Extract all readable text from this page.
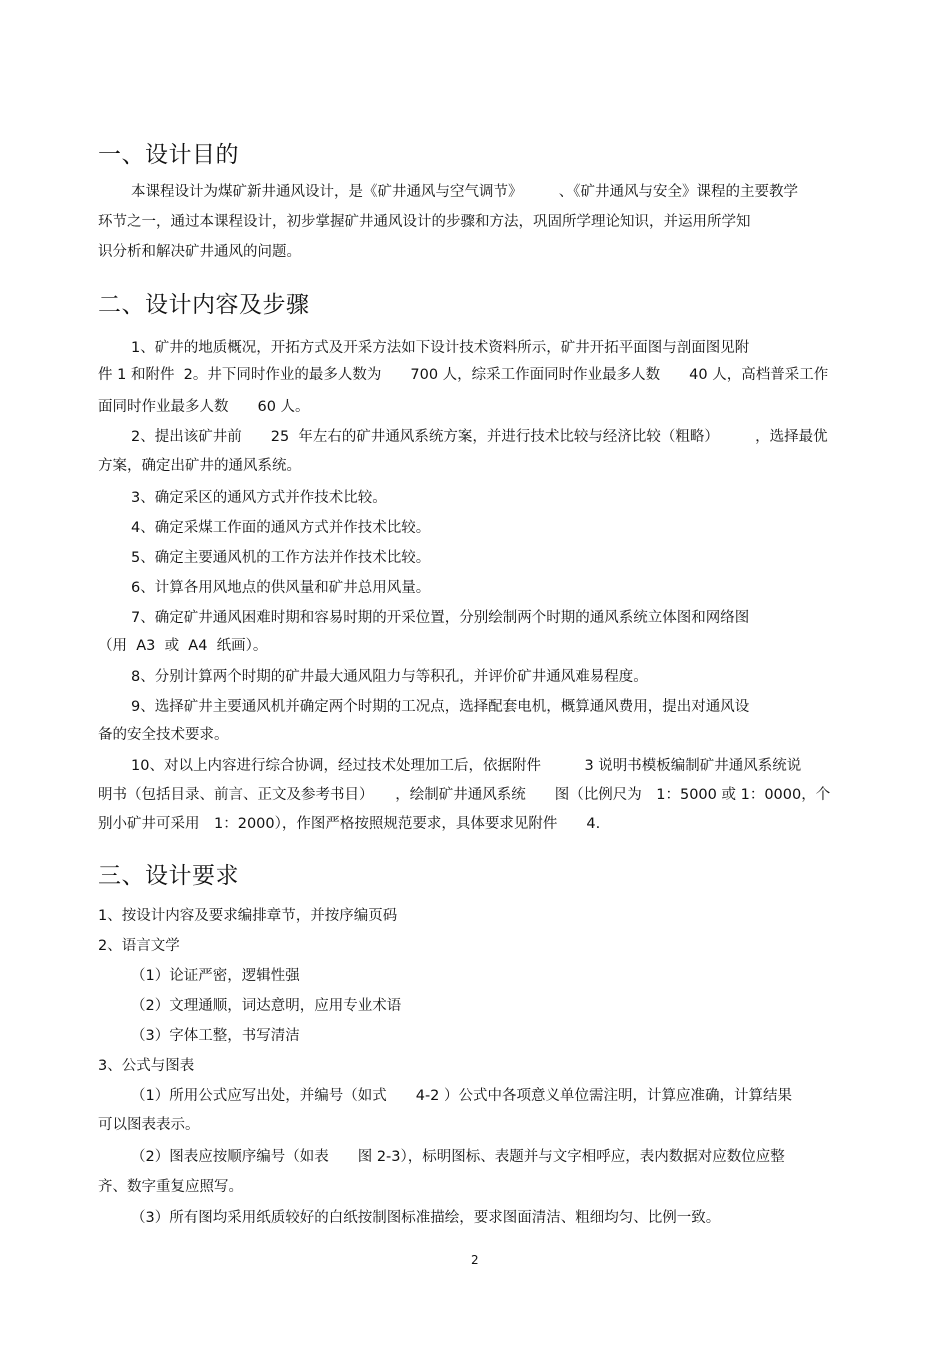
一、设计目的
本课程设计为煤矿新井通风设计，是《矿井通风与空气调节》　　　、《矿井通风与安全》课程的主要教学
环节之一，通过本课程设计，初步掌握矿井通风设计的步骤和方法，巩固所学理论知识，并运用所学知
识分析和解决矿井通风的问题。
二、设计内容及步骤
1、矿井的地质概况，开拓方式及开采方法如下设计技术资料所示，矿井开拓平面图与剖面图见附
件 1 和附件  2。井下同时作业的最多人数为　　700 人，综采工作面同时作业最多人数　　40 人，高档普采工作
面同时作业最多人数　　60 人。
2、提出该矿井前　　25  年左右的矿井通风系统方案，并进行技术比较与经济比较（粗略）　　　，选择最优
方案，确定出矿井的通风系统。
3、确定采区的通风方式并作技术比较。
4、确定采煤工作面的通风方式并作技术比较。
5、确定主要通风机的工作方法并作技术比较。
6、计算各用风地点的供风量和矿井总用风量。
7、确定矿井通风困难时期和容易时期的开采位置，分别绘制两个时期的通风系统立体图和网络图
（用  A3  或  A4  纸画）。
8、分别计算两个时期的矿井最大通风阻力与等积孔，并评价矿井通风难易程度。
9、选择矿井主要通风机并确定两个时期的工况点，选择配套电机，概算通风费用，提出对通风设
备的安全技术要求。
10、对以上内容进行综合协调，经过技术处理加工后，依据附件　　　3 说明书模板编制矿井通风系统说
明书（包括目录、前言、正文及参考书目）　　，绘制矿井通风系统　　图（比例尺为　1：5000 或 1：0000，个
别小矿井可采用　1：2000），作图严格按照规范要求，具体要求见附件　　4.
三、设计要求
1、按设计内容及要求编排章节，并按序编页码
2、语言文学
（1）论证严密，逻辑性强
（2）文理通顺，词达意明，应用专业术语
（3）字体工整，书写清洁
3、公式与图表
（1）所用公式应写出处，并编号（如式　　4-2 ）公式中各项意义单位需注明，计算应准确，计算结果
可以图表表示。
（2）图表应按顺序编号（如表　　图 2-3），标明图标、表题并与文字相呼应，表内数据对应数位应整
齐、数字重复应照写。
（3）所有图均采用纸质较好的白纸按制图标准描绘，要求图面清洁、粗细均匀、比例一致。
2
